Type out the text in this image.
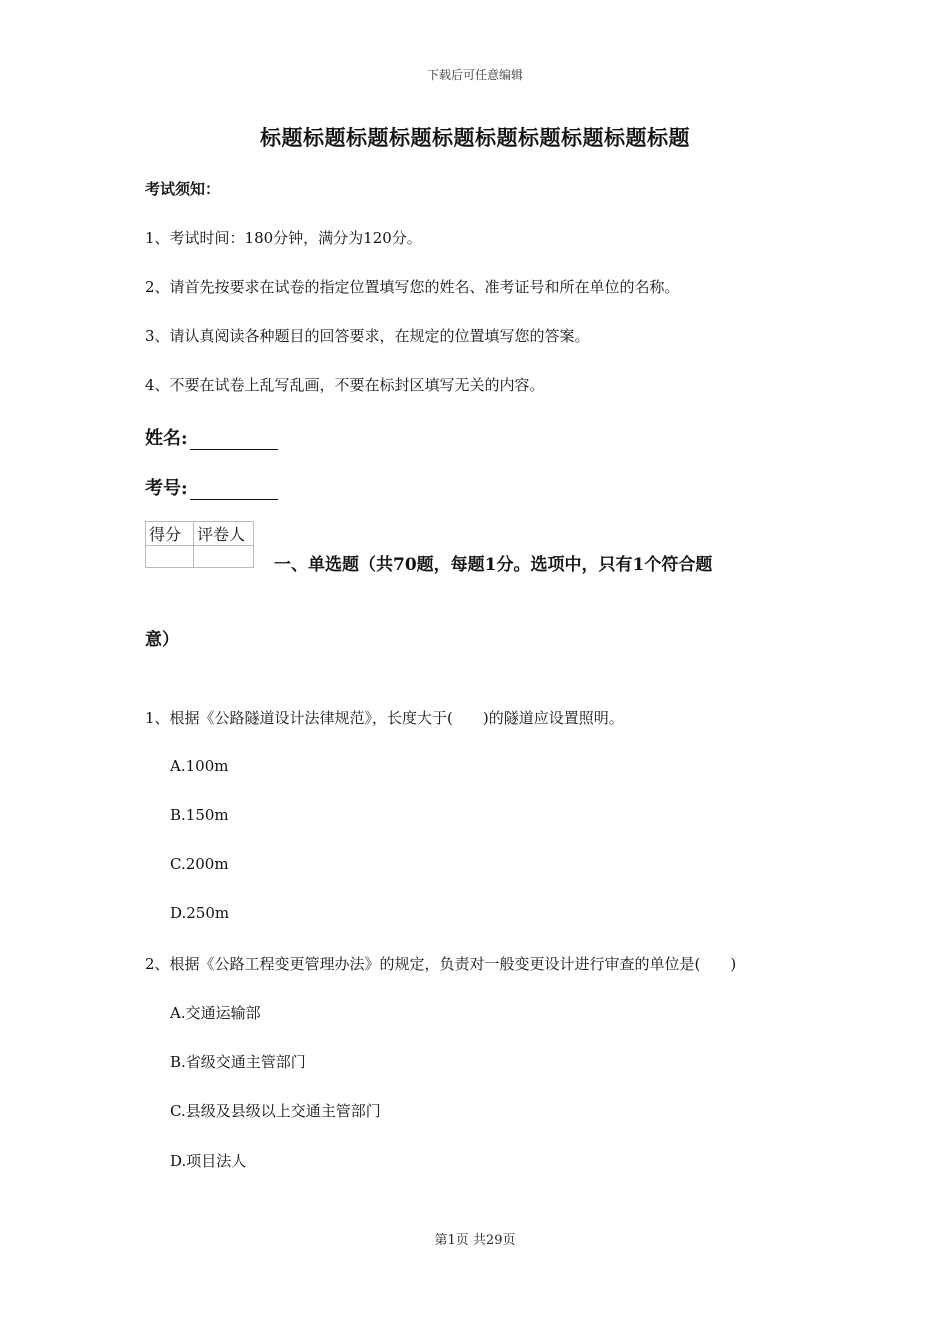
下载后可任意编辑
标题标题标题标题标题标题标题标题标题标题
考试须知：
1、考试时间：180分钟，满分为120分。
2、请首先按要求在试卷的指定位置填写您的姓名、准考证号和所在单位的名称。
3、请认真阅读各种题目的回答要求，在规定的位置填写您的答案。
4、不要在试卷上乱写乱画，不要在标封区填写无关的内容。
姓名:
考号:
得分	评卷人

一、单选题（共70题，每题1分。选项中，只有1个符合题
意）
1、根据《公路隧道设计法律规范》，长度大于(　　)的隧道应设置照明。
A.100m
B.150m
C.200m
D.250m
2、根据《公路工程变更管理办法》的规定，负责对一般变更设计进行审查的单位是(　　)
A.交通运输部
B.省级交通主管部门
C.县级及县级以上交通主管部门
D.项目法人
第1页 共29页
